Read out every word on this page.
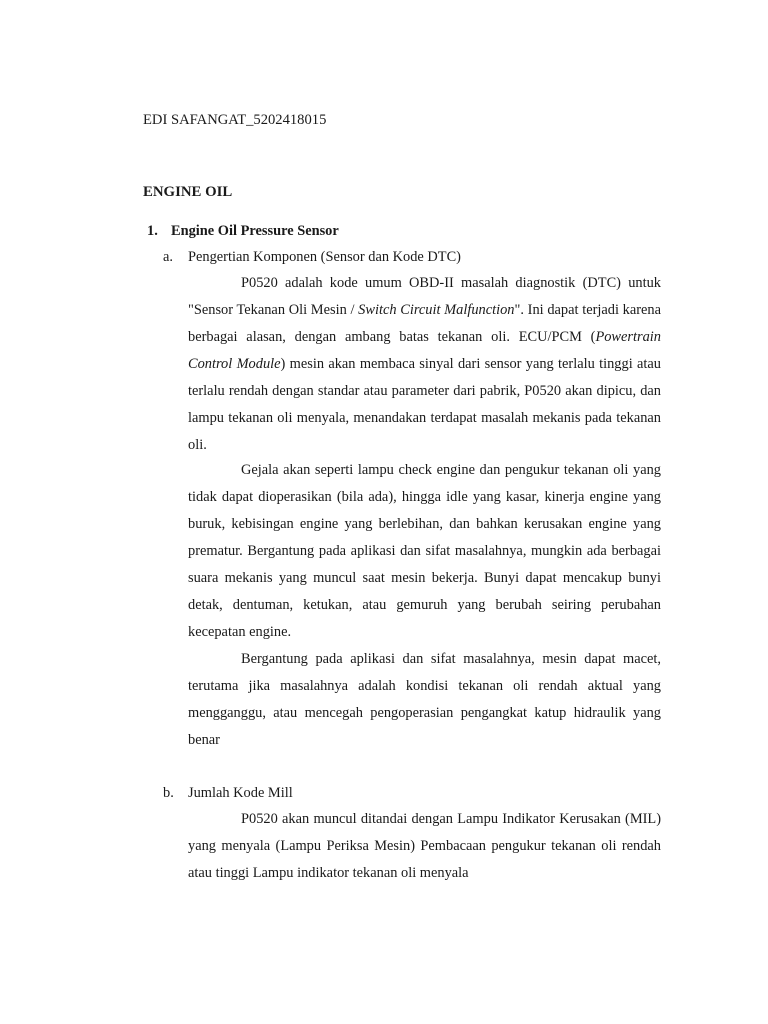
EDI SAFANGAT_5202418015
ENGINE OIL
1. Engine Oil Pressure Sensor
a. Pengertian Komponen (Sensor dan Kode DTC)

P0520 adalah kode umum OBD-II masalah diagnostik (DTC) untuk "Sensor Tekanan Oli Mesin / Switch Circuit Malfunction". Ini dapat terjadi karena berbagai alasan, dengan ambang batas tekanan oli. ECU/PCM (Powertrain Control Module) mesin akan membaca sinyal dari sensor yang terlalu tinggi atau terlalu rendah dengan standar atau parameter dari pabrik, P0520 akan dipicu, dan lampu tekanan oli menyala, menandakan terdapat masalah mekanis pada tekanan oli.

Gejala akan seperti lampu check engine dan pengukur tekanan oli yang tidak dapat dioperasikan (bila ada), hingga idle yang kasar, kinerja engine yang buruk, kebisingan engine yang berlebihan, dan bahkan kerusakan engine yang prematur. Bergantung pada aplikasi dan sifat masalahnya, mungkin ada berbagai suara mekanis yang muncul saat mesin bekerja. Bunyi dapat mencakup bunyi detak, dentuman, ketukan, atau gemuruh yang berubah seiring perubahan kecepatan engine.

Bergantung pada aplikasi dan sifat masalahnya, mesin dapat macet, terutama jika masalahnya adalah kondisi tekanan oli rendah aktual yang mengganggu, atau mencegah pengoperasian pengangkat katup hidraulik yang benar

b. Jumlah Kode Mill

P0520 akan muncul ditandai dengan Lampu Indikator Kerusakan (MIL) yang menyala (Lampu Periksa Mesin) Pembacaan pengukur tekanan oli rendah atau tinggi Lampu indikator tekanan oli menyala
